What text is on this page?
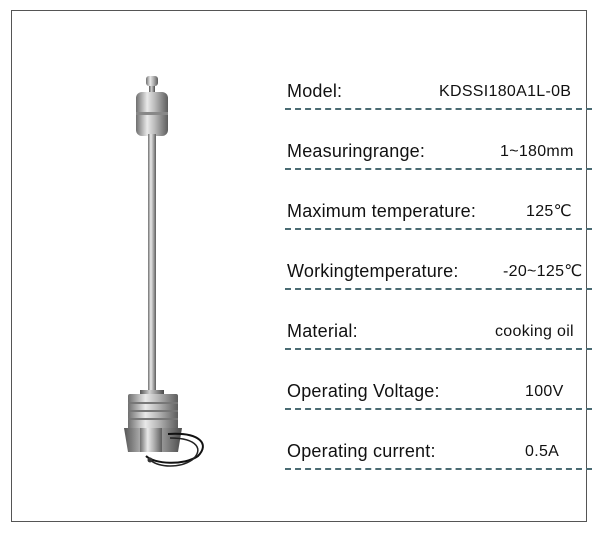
Model:	KDSSI180A1L-0B
Measuringrange:	1~180mm
Maximum temperature:	125℃
Workingtemperature:	-20~125℃
Material:	cooking oil
Operating Voltage:	100V
Operating current:	0.5A
